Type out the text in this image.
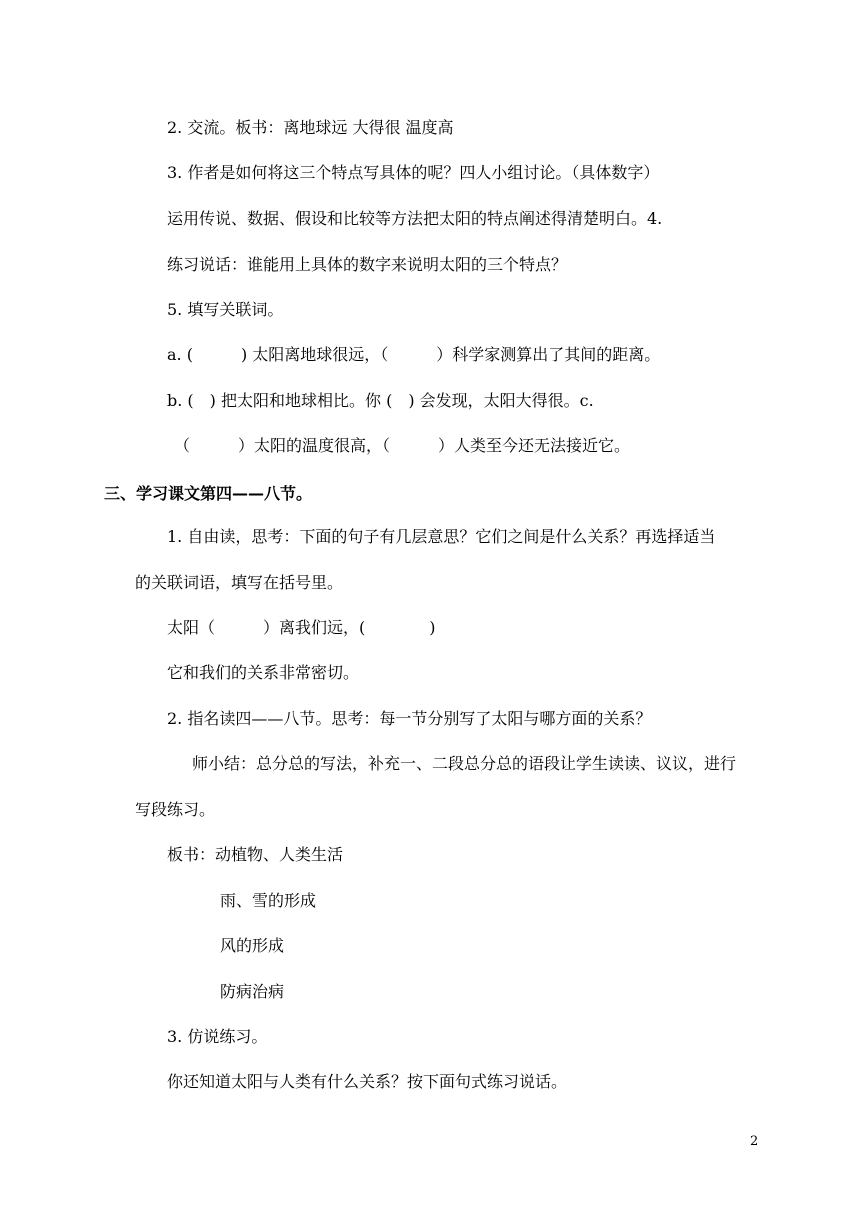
2. 交流。板书：离地球远 大得很 温度高

3. 作者是如何将这三个特点写具体的呢？四人小组讨论。（具体数字）

运用传说、数据、假设和比较等方法把太阳的特点阐述得清楚明白。4.

练习说话：谁能用上具体的数字来说明太阳的三个特点？

5. 填写关联词。

a. (　　　) 太阳离地球很远，（　　　）科学家测算出了其间的距离。

b. (　) 把太阳和地球相比。你 (　) 会发现，太阳大得很。c.

（　　　）太阳的温度很高，（　　　）人类至今还无法接近它。

三、学习课文第四——八节。

1. 自由读，思考：下面的句子有几层意思？它们之间是什么关系？再选择适当

的关联词语，填写在括号里。

太阳（　　　）离我们远，(　　　　)

它和我们的关系非常密切。

2. 指名读四——八节。思考：每一节分别写了太阳与哪方面的关系？

师小结：总分总的写法，补充一、二段总分总的语段让学生读读、议议，进行

写段练习。

板书：动植物、人类生活

雨、雪的形成

风的形成

防病治病

3. 仿说练习。

你还知道太阳与人类有什么关系？按下面句式练习说话。

2
